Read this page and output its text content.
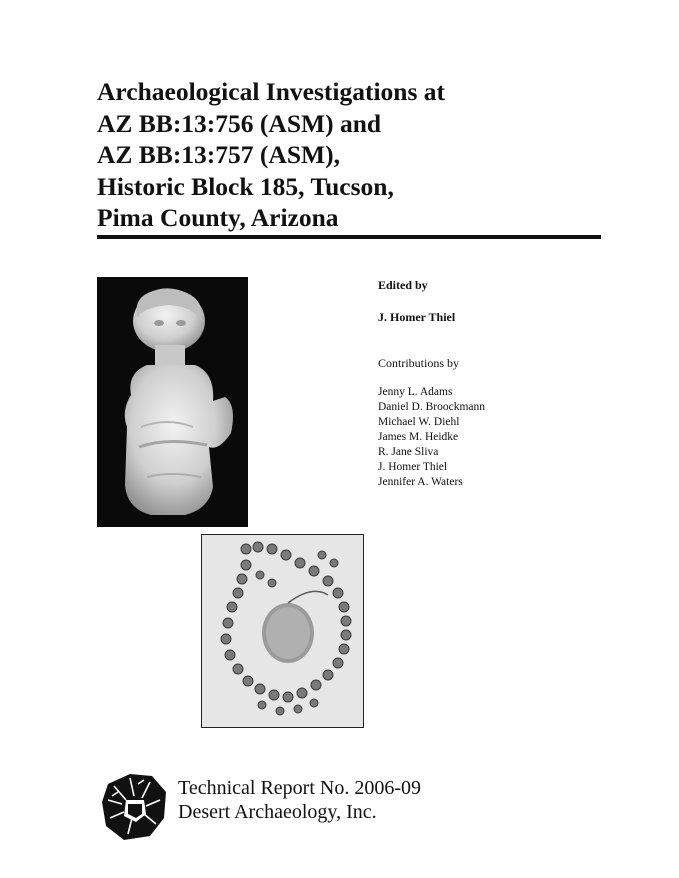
Archaeological Investigations at
AZ BB:13:756 (ASM) and
AZ BB:13:757 (ASM),
Historic Block 185, Tucson,
Pima County, Arizona
Edited by
J. Homer Thiel
Contributions by
Jenny L. Adams
Daniel D. Broockmann
Michael W. Diehl
James M. Heidke
R. Jane Sliva
J. Homer Thiel
Jennifer A. Waters
Technical Report No. 2006-09
Desert Archaeology, Inc.
